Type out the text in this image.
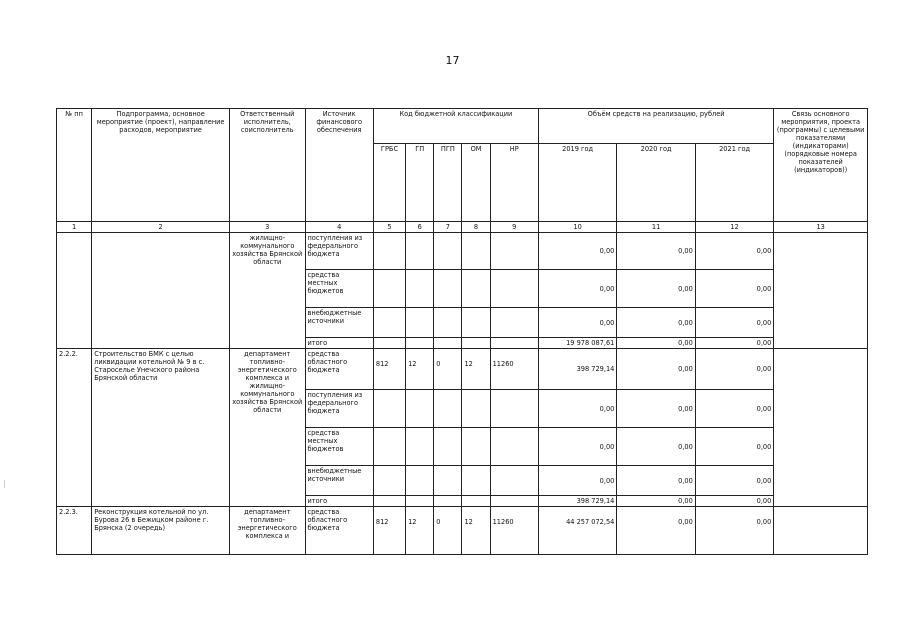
17
№ пп	Подпрограмма, основное мероприятие (проект), направление расходов, мероприятие	Ответственный исполнитель, соисполнитель	Источник финансового обеспечения	Код бюджетной классификации					Объём средств на реализацию, рублей			Связь основного мероприятия, проекта (программы) с целевыми показателями (индикаторами) (порядковые номера показателей (индикаторов))
				ГРБС	ГП	ПГП	ОМ	НР	2019 год	2020 год	2021 год	
1	2	3	4	5	6	7	8	9	10	11	12	13
		жилищно-коммунального хозяйства Брянской области	поступления из федерального бюджета						0,00	0,00	0,00	
			средства местных бюджетов						0,00	0,00	0,00	
			внебюджетные источники						0,00	0,00	0,00	
			итого						19 978 087,61	0,00	0,00	
2.2.2.	Строительство БМК с целью ликвидации котельной № 9 в с. Староселье Унечского района Брянской области	департамент топливно-энергетического комплекса и жилищно-коммунального хозяйства Брянской области	средства областного бюджета	812	12	0	12	11260	398 729,14	0,00	0,00	
			поступления из федерального бюджета						0,00	0,00	0,00	
			средства местных бюджетов						0,00	0,00	0,00	
			внебюджетные источники						0,00	0,00	0,00	
			итого						398 729,14	0,00	0,00	
2.2.3.	Реконструкция котельной по ул. Бурова 26 в Бежицком районе г. Брянска (2 очередь)	департамент топливно-энергетического комплекса и	средства областного бюджета	812	12	0	12	11260	44 257 072,54	0,00	0,00	
